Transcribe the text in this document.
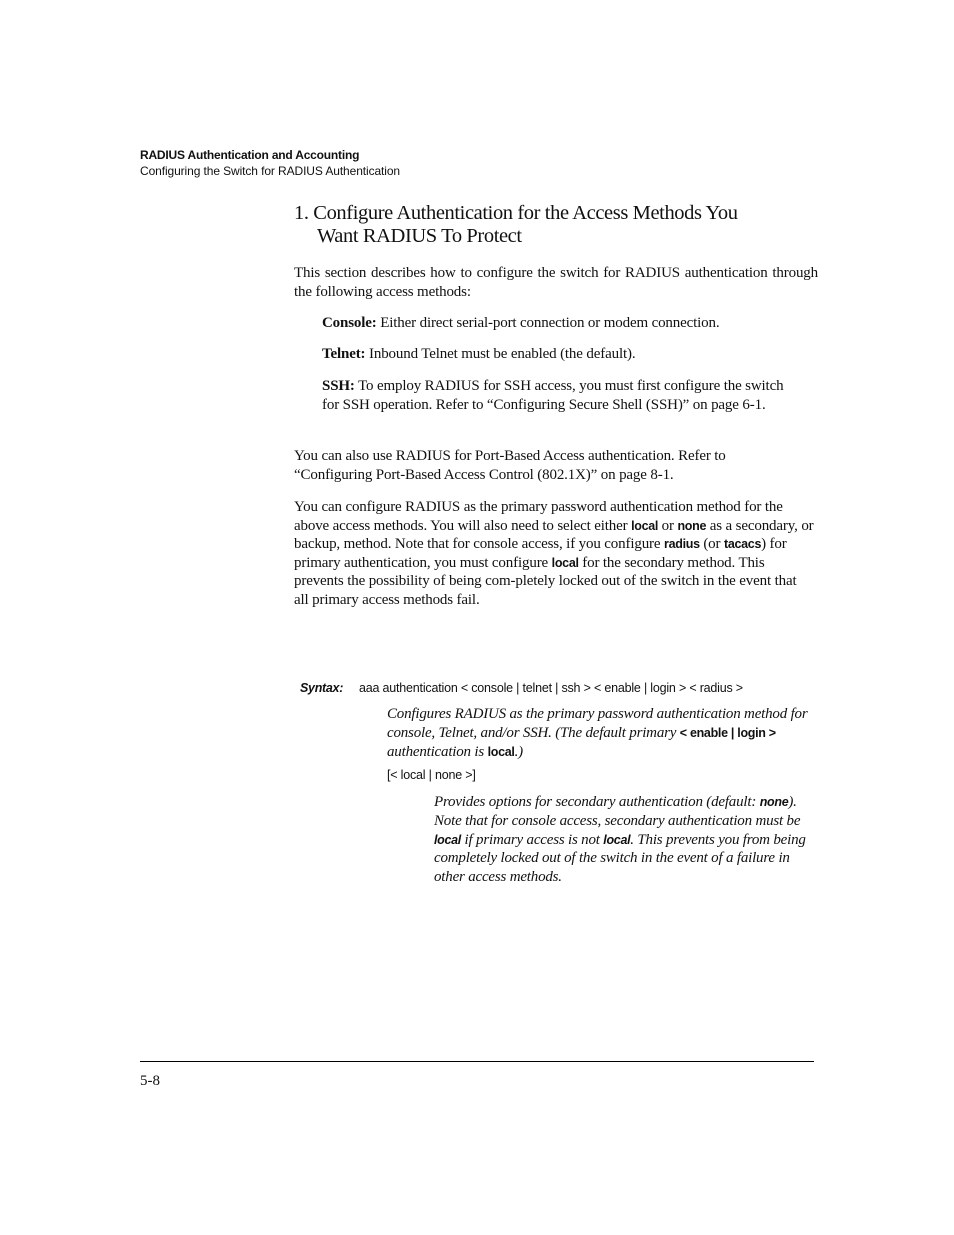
RADIUS Authentication and Accounting

Configuring the Switch for RADIUS Authentication

1. Configure Authentication for the Access Methods You
Want RADIUS To Protect

This section describes how to configure the switch for RADIUS authentication through the following access methods:

Console: Either direct serial-port connection or modem connection.

Telnet: Inbound Telnet must be enabled (the default).

SSH: To employ RADIUS for SSH access, you must first configure the switch for SSH operation. Refer to “Configuring Secure Shell (SSH)” on page 6-1.

You can also use RADIUS for Port-Based Access authentication. Refer to “Configuring Port-Based Access Control (802.1X)” on page 8-1.

You can configure RADIUS as the primary password authentication method for the above access methods. You will also need to select either local or none as a secondary, or backup, method. Note that for console access, if you configure radius (or tacacs) for primary authentication, you must configure local for the secondary method. This prevents the possibility of being com-pletely locked out of the switch in the event that all primary access methods fail.

Syntax: aaa authentication < console | telnet | ssh > < enable | login > < radius >

Configures RADIUS as the primary password authentication method for console, Telnet, and/or SSH. (The default primary < enable | login > authentication is local.)

[< local | none >]

Provides options for secondary authentication (default: none). Note that for console access, secondary authentication must be local if primary access is not local. This prevents you from being completely locked out of the switch in the event of a failure in other access methods.

5-8
